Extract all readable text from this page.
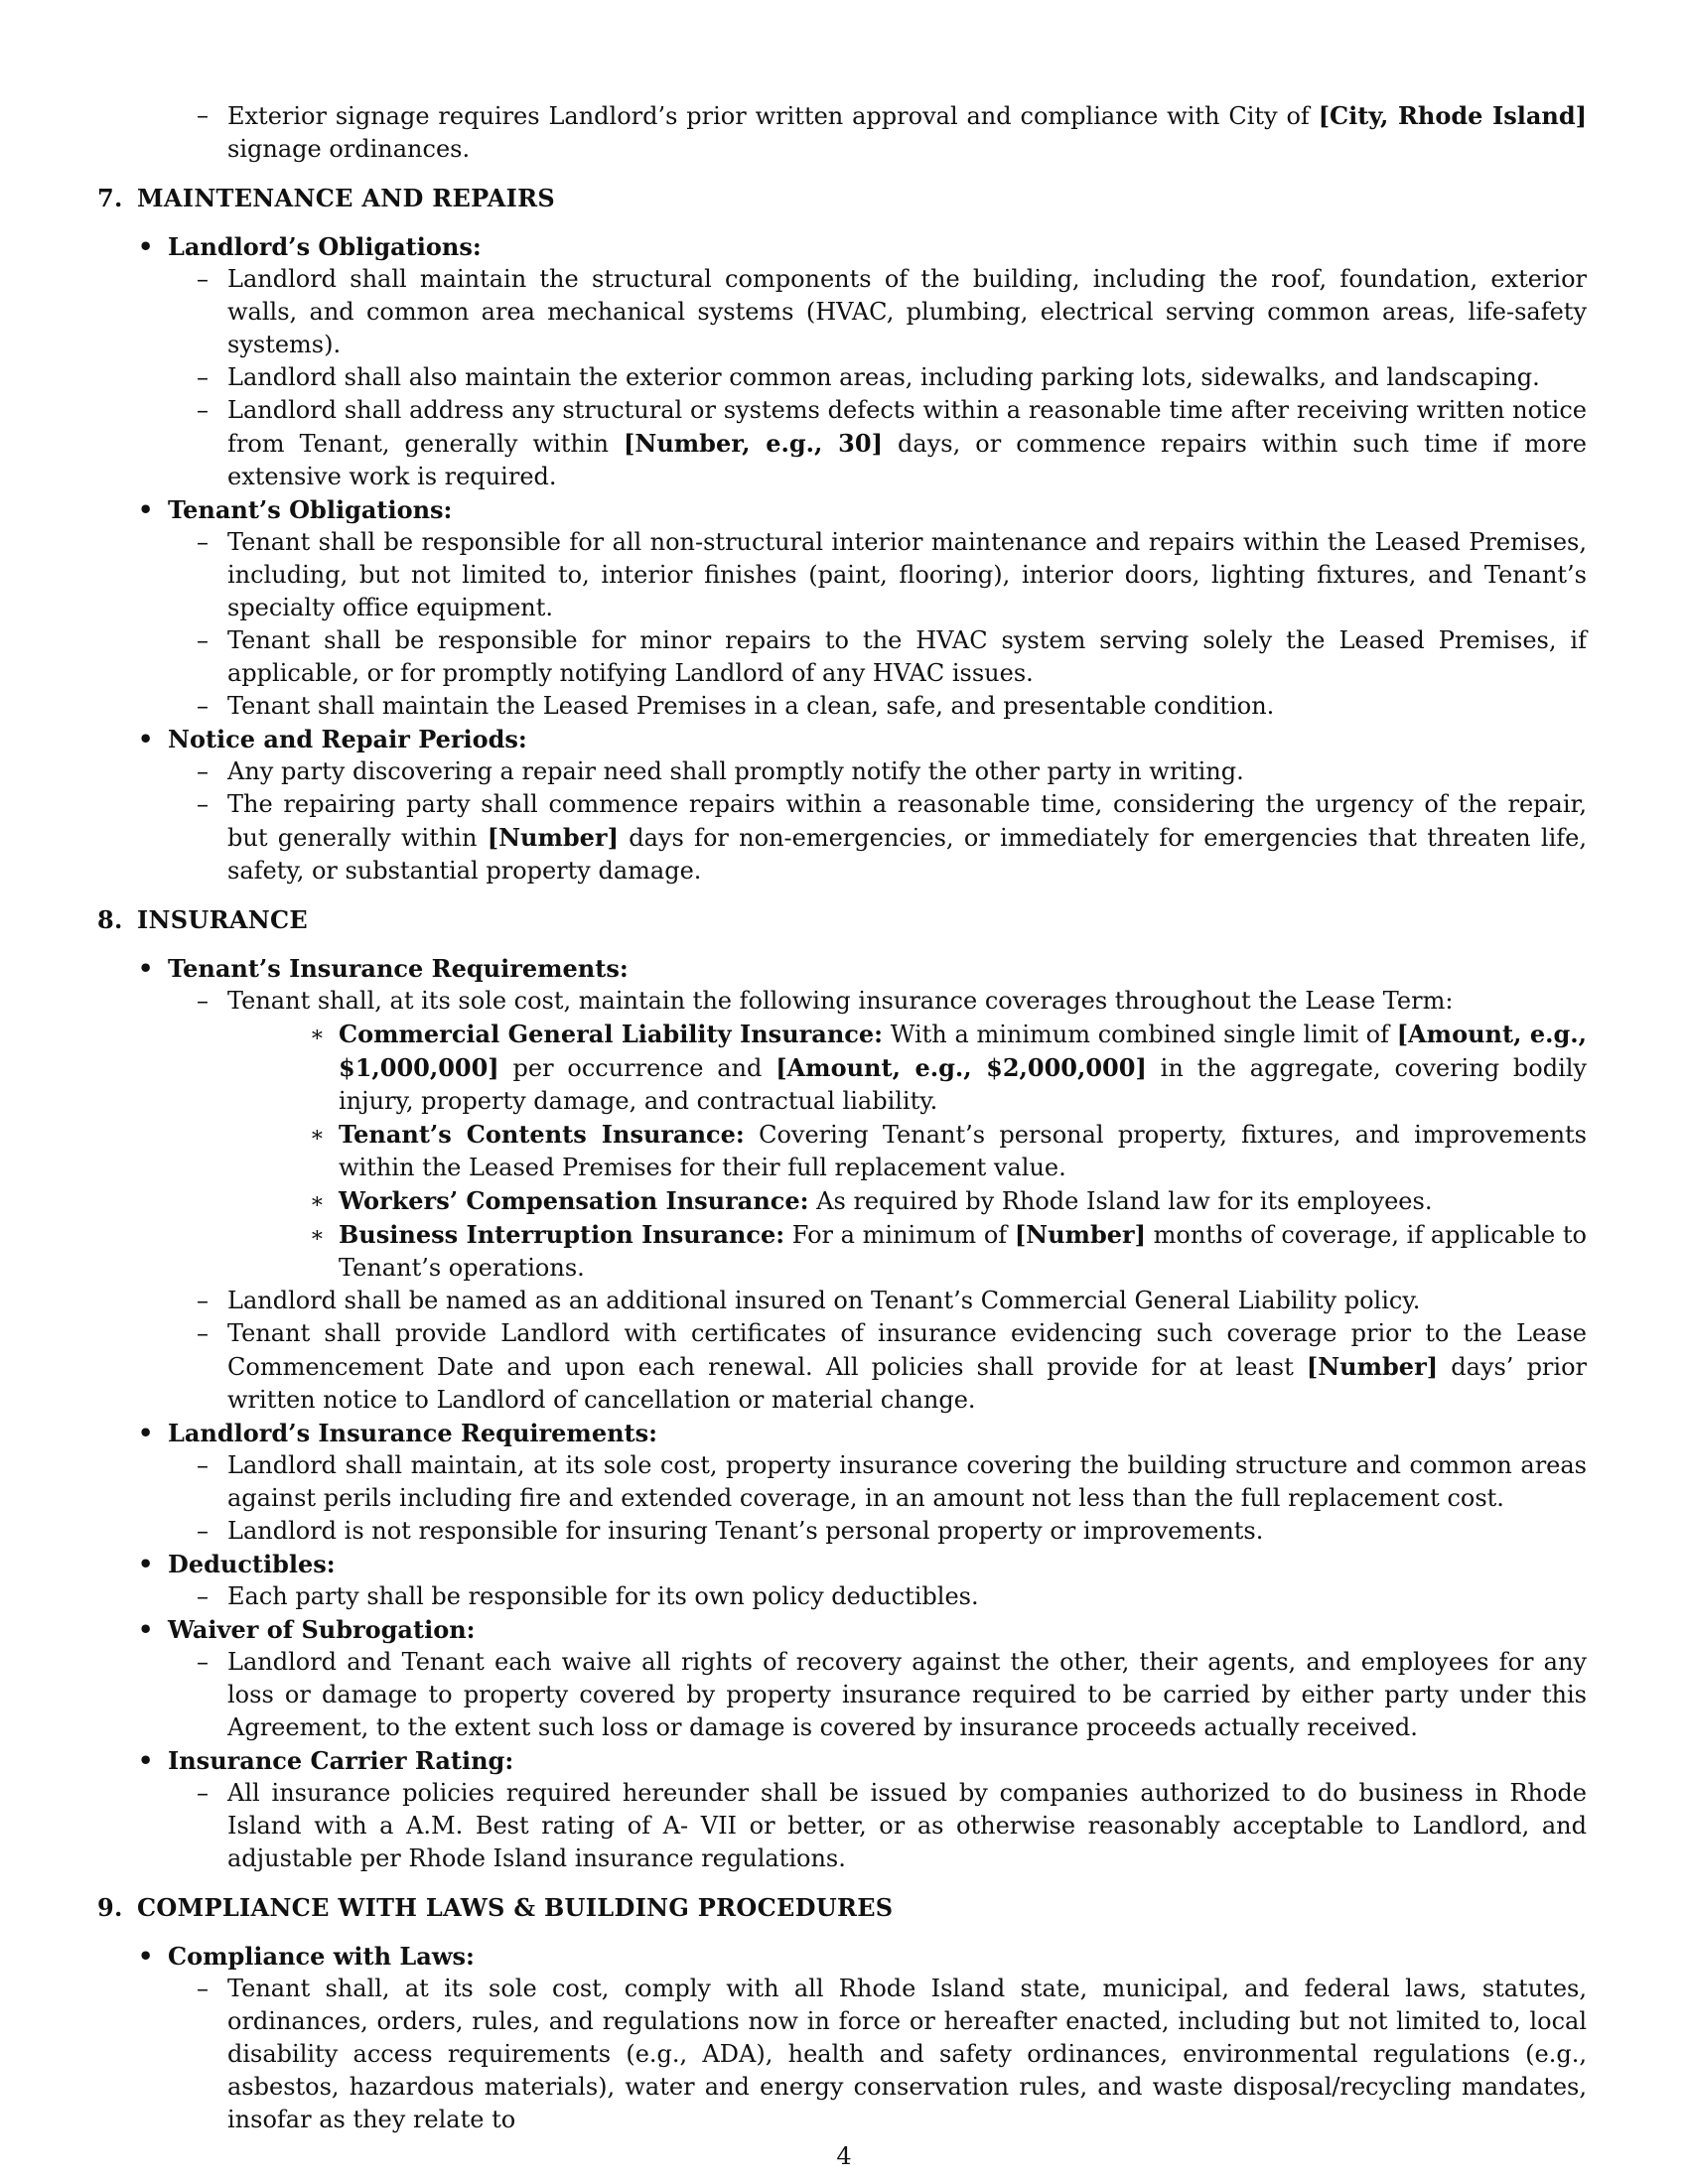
– Exterior signage requires Landlord’s prior written approval and compliance with City of [City, Rhode Island] signage ordinances.
7. MAINTENANCE AND REPAIRS
• Landlord’s Obligations:
– Landlord shall maintain the structural components of the building, including the roof, foundation, exterior walls, and common area mechanical systems (HVAC, plumbing, electrical serving common areas, life-safety systems).
– Landlord shall also maintain the exterior common areas, including parking lots, sidewalks, and landscaping.
– Landlord shall address any structural or systems defects within a reasonable time after receiving written notice from Tenant, generally within [Number, e.g., 30] days, or commence repairs within such time if more extensive work is required.
• Tenant’s Obligations:
– Tenant shall be responsible for all non-structural interior maintenance and repairs within the Leased Premises, including, but not limited to, interior finishes (paint, flooring), interior doors, lighting fixtures, and Tenant’s specialty office equipment.
– Tenant shall be responsible for minor repairs to the HVAC system serving solely the Leased Premises, if applicable, or for promptly notifying Landlord of any HVAC issues.
– Tenant shall maintain the Leased Premises in a clean, safe, and presentable condition.
• Notice and Repair Periods:
– Any party discovering a repair need shall promptly notify the other party in writing.
– The repairing party shall commence repairs within a reasonable time, considering the urgency of the repair, but generally within [Number] days for non-emergencies, or immediately for emergencies that threaten life, safety, or substantial property damage.
8. INSURANCE
• Tenant’s Insurance Requirements:
– Tenant shall, at its sole cost, maintain the following insurance coverages throughout the Lease Term:
∗ Commercial General Liability Insurance: With a minimum combined single limit of [Amount, e.g., $1,000,000] per occurrence and [Amount, e.g., $2,000,000] in the aggregate, covering bodily injury, property damage, and contractual liability.
∗ Tenant’s Contents Insurance: Covering Tenant’s personal property, fixtures, and improvements within the Leased Premises for their full replacement value.
∗ Workers’ Compensation Insurance: As required by Rhode Island law for its employees.
∗ Business Interruption Insurance: For a minimum of [Number] months of coverage, if applicable to Tenant’s operations.
– Landlord shall be named as an additional insured on Tenant’s Commercial General Liability policy.
– Tenant shall provide Landlord with certificates of insurance evidencing such coverage prior to the Lease Commencement Date and upon each renewal. All policies shall provide for at least [Number] days’ prior written notice to Landlord of cancellation or material change.
• Landlord’s Insurance Requirements:
– Landlord shall maintain, at its sole cost, property insurance covering the building structure and common areas against perils including fire and extended coverage, in an amount not less than the full replacement cost.
– Landlord is not responsible for insuring Tenant’s personal property or improvements.
• Deductibles:
– Each party shall be responsible for its own policy deductibles.
• Waiver of Subrogation:
– Landlord and Tenant each waive all rights of recovery against the other, their agents, and employees for any loss or damage to property covered by property insurance required to be carried by either party under this Agreement, to the extent such loss or damage is covered by insurance proceeds actually received.
• Insurance Carrier Rating:
– All insurance policies required hereunder shall be issued by companies authorized to do business in Rhode Island with a A.M. Best rating of A- VII or better, or as otherwise reasonably acceptable to Landlord, and adjustable per Rhode Island insurance regulations.
9. COMPLIANCE WITH LAWS & BUILDING PROCEDURES
• Compliance with Laws:
– Tenant shall, at its sole cost, comply with all Rhode Island state, municipal, and federal laws, statutes, ordinances, orders, rules, and regulations now in force or hereafter enacted, including but not limited to, local disability access requirements (e.g., ADA), health and safety ordinances, environmental regulations (e.g., asbestos, hazardous materials), water and energy conservation rules, and waste disposal/recycling mandates, insofar as they relate to
4
